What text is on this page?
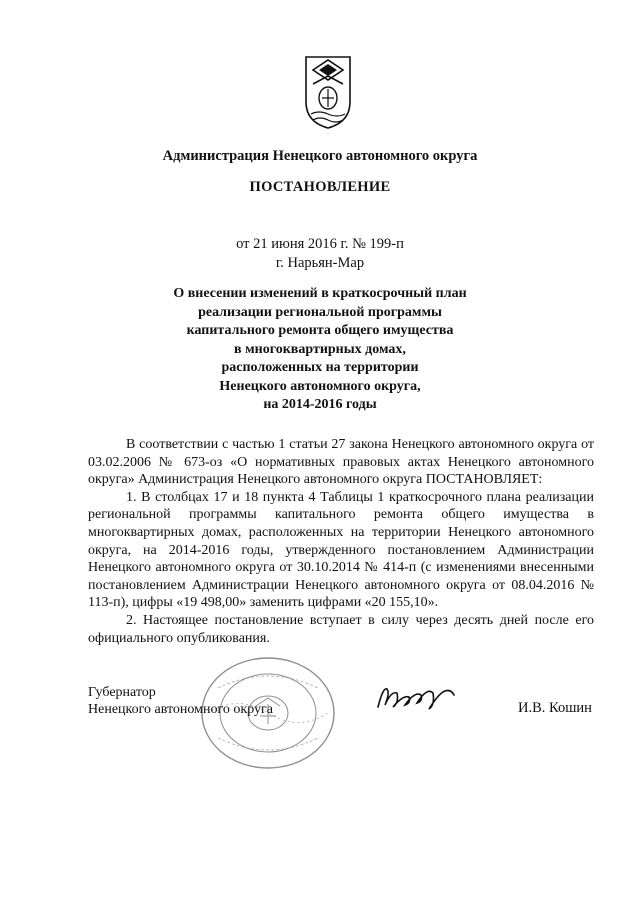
Администрация Ненецкого автономного округа
ПОСТАНОВЛЕНИЕ
от 21 июня 2016 г. № 199-п
г. Нарьян-Мар
О внесении изменений в краткосрочный план
реализации региональной программы
капитального ремонта общего имущества
в многоквартирных домах,
расположенных на территории
Ненецкого автономного округа,
на 2014-2016 годы

В соответствии с частью 1 статьи 27 закона Ненецкого автономного округа от 03.02.2006 № 673-оз «О нормативных правовых актах Ненецкого автономного округа» Администрация Ненецкого автономного округа ПОСТАНОВЛЯЕТ:

1. В столбцах 17 и 18 пункта 4 Таблицы 1 краткосрочного плана реализации региональной программы капитального ремонта общего имущества в многоквартирных домах, расположенных на территории Ненецкого автономного округа, на 2014-2016 годы, утвержденного постановлением Администрации Ненецкого автономного округа от 30.10.2014 № 414-п (с изменениями внесенными постановлением Администрации Ненецкого автономного округа от 08.04.2016 № 113-п), цифры «19 498,00» заменить цифрами «20 155,10».

2. Настоящее постановление вступает в силу через десять дней после его официального опубликования.

Губернатор
Ненецкого автономного округа	И.В. Кошин
